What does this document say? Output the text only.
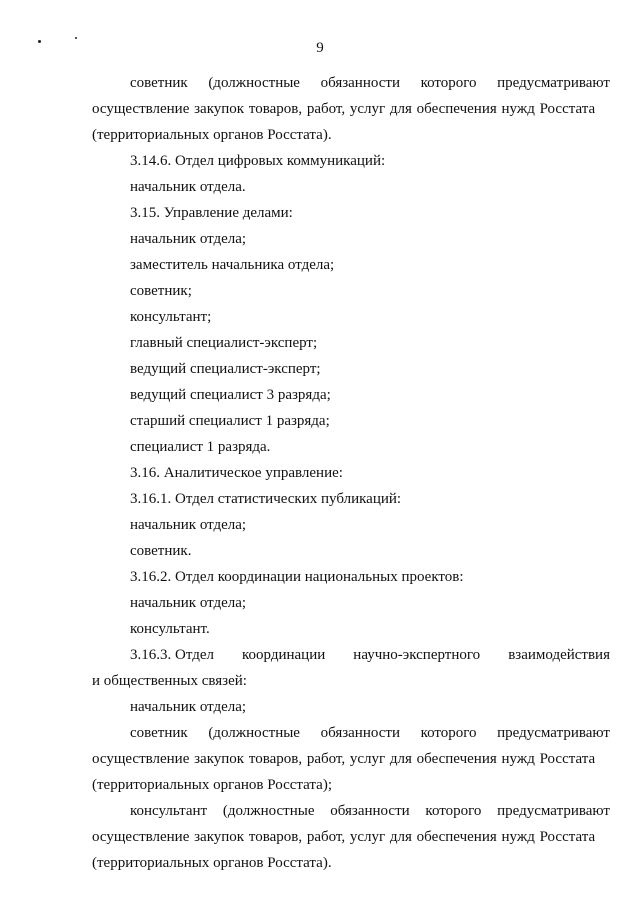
9
советник (должностные обязанности которого предусматривают
осуществление закупок товаров, работ, услуг для обеспечения нужд Росстата
(территориальных органов Росстата).
3.14.6. Отдел цифровых коммуникаций:
начальник отдела.
3.15. Управление делами:
начальник отдела;
заместитель начальника отдела;
советник;
консультант;
главный специалист-эксперт;
ведущий специалист-эксперт;
ведущий специалист 3 разряда;
старший специалист 1 разряда;
специалист 1 разряда.
3.16. Аналитическое управление:
3.16.1. Отдел статистических публикаций:
начальник отдела;
советник.
3.16.2. Отдел координации национальных проектов:
начальник отдела;
консультант.
3.16.3. Отдел координации научно-экспертного взаимодействия
и общественных связей:
начальник отдела;
советник (должностные обязанности которого предусматривают
осуществление закупок товаров, работ, услуг для обеспечения нужд Росстата
(территориальных органов Росстата);
консультант (должностные обязанности которого предусматривают
осуществление закупок товаров, работ, услуг для обеспечения нужд Росстата
(территориальных органов Росстата).
